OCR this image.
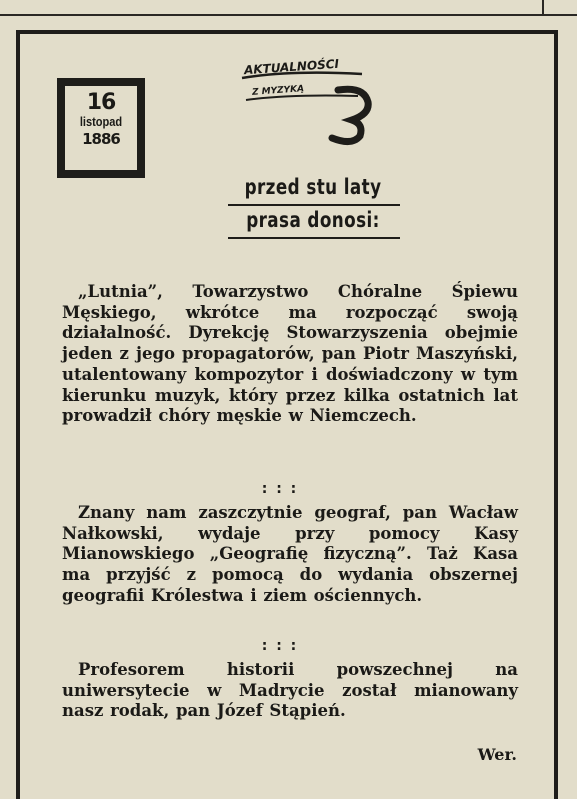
16
listopad
1886
AKTUALNOŚCI
Z MYZYKĄ
przed stu laty
prasa donosi:

„Lutnia”, Towarzystwo Chóralne Śpiewu Męskiego, wkrótce ma rozpocząć swoją działalność. Dyrekcję Stowarzyszenia obejmie jeden z jego propagatorów, pan Piotr Maszyński, utalentowany kompozytor i doświadczony w tym kierunku muzyk, który przez kilka ostatnich lat prowadził chóry męskie w Niemczech.

: : :

Znany nam zaszczytnie geograf, pan Wacław Nałkowski, wydaje przy pomocy Kasy Mianowskiego „Geografię fizyczną”. Taż Kasa ma przyjść z pomocą do wydania obszernej geografii Królestwa i ziem ościennych.

: : :

Profesorem historii powszechnej na uniwersytecie w Madrycie został mianowany nasz rodak, pan Józef Stąpień.

Wer.
